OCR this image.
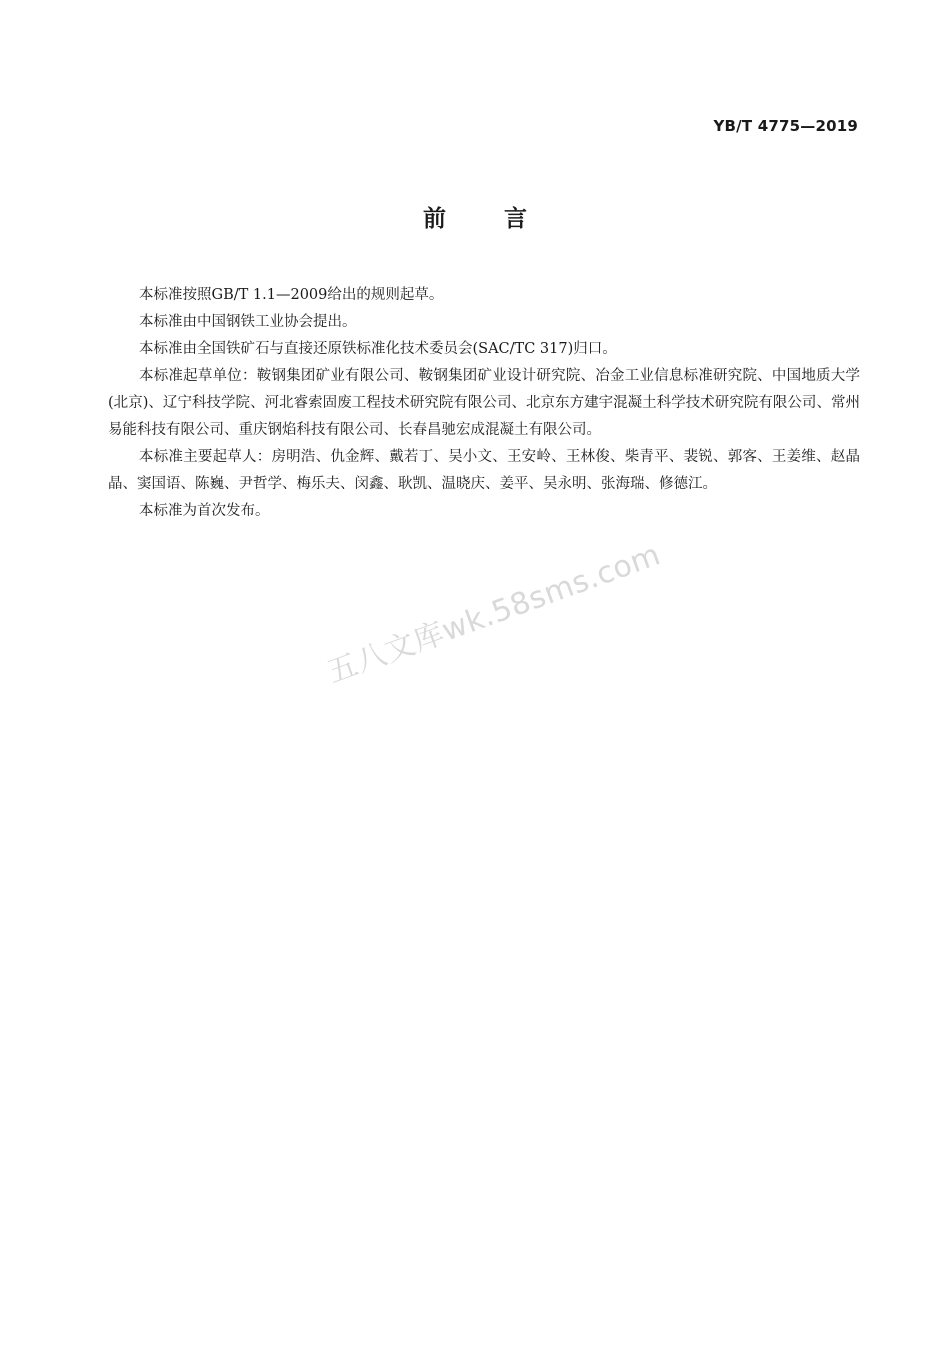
YB/T 4775—2019
前言

本标准按照GB/T 1.1—2009给出的规则起草。

本标准由中国钢铁工业协会提出。

本标准由全国铁矿石与直接还原铁标准化技术委员会(SAC/TC 317)归口。

本标准起草单位：鞍钢集团矿业有限公司、鞍钢集团矿业设计研究院、冶金工业信息标准研究院、中国地质大学(北京)、辽宁科技学院、河北睿索固废工程技术研究院有限公司、北京东方建宇混凝土科学技术研究院有限公司、常州易能科技有限公司、重庆钢焰科技有限公司、长春昌驰宏成混凝土有限公司。

本标准主要起草人：房明浩、仇金辉、戴若丁、吴小文、王安岭、王林俊、柴青平、裴锐、郭客、王姜维、赵晶晶、窦国语、陈巍、尹哲学、梅乐夫、闵鑫、耿凯、温晓庆、姜平、吴永明、张海瑞、修德江。

本标准为首次发布。

五八文库wk.58sms.com
